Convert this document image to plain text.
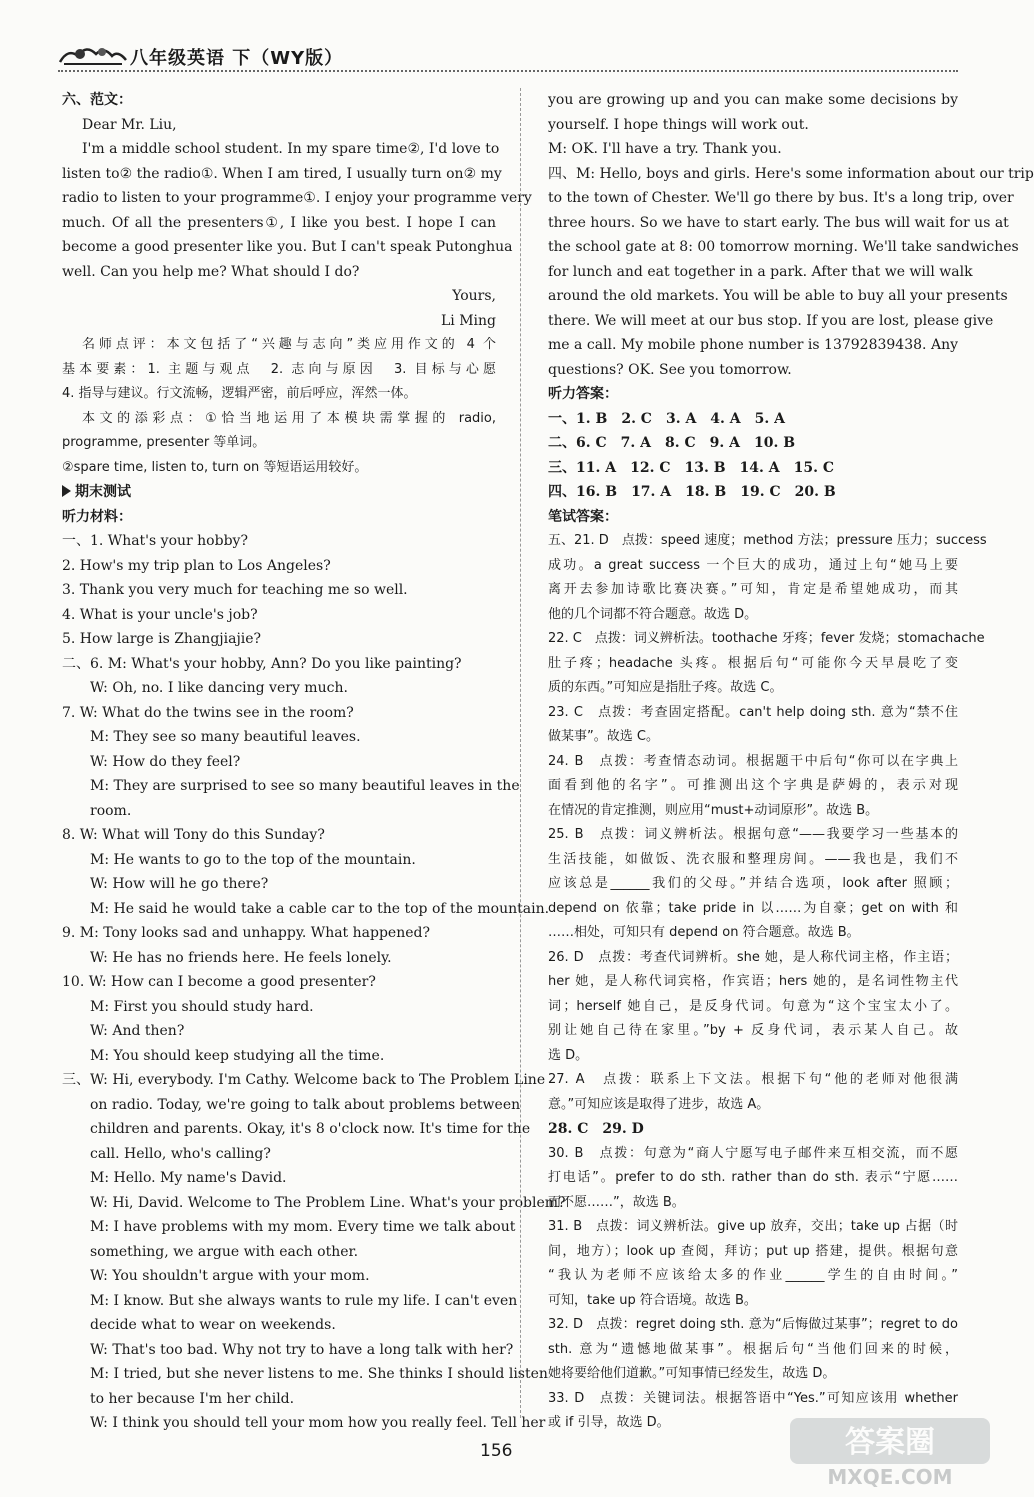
八年级英语 下（WY版）
六、范文：
Dear Mr. Liu,
I'm a middle school student. In my spare time②, I'd love to
listen to② the radio①. When I am tired, I usually turn on② my
radio to listen to your programme①. I enjoy your programme very
much. Of all the presenters①, I like you best. I hope I can
become a good presenter like you. But I can't speak Putonghua
well. Can you help me? What should I do?
Yours,
Li Ming
名师点评：本文包括了“兴趣与志向”类应用作文的 4 个
基本要素：1. 主题与观点　2. 志向与原因　3. 目标与心愿
4. 指导与建议。行文流畅，逻辑严密，前后呼应，浑然一体。
本文的添彩点：①恰当地运用了本模块需掌握的 radio,
programme, presenter 等单词。
②spare time, listen to, turn on 等短语运用较好。
期末测试
听力材料：
一、1. What's your hobby?
2. How's my trip plan to Los Angeles?
3. Thank you very much for teaching me so well.
4. What is your uncle's job?
5. How large is Zhangjiajie?
二、6. M: What's your hobby, Ann? Do you like painting?
W: Oh, no. I like dancing very much.
7. W: What do the twins see in the room?
M: They see so many beautiful leaves.
W: How do they feel?
M: They are surprised to see so many beautiful leaves in the
room.
8. W: What will Tony do this Sunday?
M: He wants to go to the top of the mountain.
W: How will he go there?
M: He said he would take a cable car to the top of the mountain.
9. M: Tony looks sad and unhappy. What happened?
W: He has no friends here. He feels lonely.
10. W: How can I become a good presenter?
M: First you should study hard.
W: And then?
M: You should keep studying all the time.
三、W: Hi, everybody. I'm Cathy. Welcome back to The Problem Line
on radio. Today, we're going to talk about problems between
children and parents. Okay, it's 8 o'clock now. It's time for the
call. Hello, who's calling?
M: Hello. My name's David.
W: Hi, David. Welcome to The Problem Line. What's your problem?
M: I have problems with my mom. Every time we talk about
something, we argue with each other.
W: You shouldn't argue with your mom.
M: I know. But she always wants to rule my life. I can't even
decide what to wear on weekends.
W: That's too bad. Why not try to have a long talk with her?
M: I tried, but she never listens to me. She thinks I should listen
to her because I'm her child.
W: I think you should tell your mom how you really feel. Tell her
you are growing up and you can make some decisions by
yourself. I hope things will work out.
M: OK. I'll have a try. Thank you.
四、M: Hello, boys and girls. Here's some information about our trip
to the town of Chester. We'll go there by bus. It's a long trip, over
three hours. So we have to start early. The bus will wait for us at
the school gate at 8: 00 tomorrow morning. We'll take sandwiches
for lunch and eat together in a park. After that we will walk
around the old markets. You will be able to buy all your presents
there. We will meet at our bus stop. If you are lost, please give
me a call. My mobile phone number is 13792839438. Any
questions? OK. See you tomorrow.
听力答案：
一、1. B　2. C　3. A　4. A　5. A
二、6. C　7. A　8. C　9. A　10. B
三、11. A　12. C　13. B　14. A　15. C
四、16. B　17. A　18. B　19. C　20. B
笔试答案：
五、21. D　点拨：speed 速度；method 方法；pressure 压力；success
成功。a great success 一个巨大的成功，通过上句“她马上要
离开去参加诗歌比赛决赛。”可知，肯定是希望她成功，而其
他的几个词都不符合题意。故选 D。
22. C　点拨：词义辨析法。toothache 牙疼；fever 发烧；stomachache
肚子疼；headache 头疼。根据后句“可能你今天早晨吃了变
质的东西。”可知应是指肚子疼。故选 C。
23. C　点拨：考查固定搭配。can't help doing sth. 意为“禁不住
做某事”。故选 C。
24. B　点拨：考查情态动词。根据题干中后句“你可以在字典上
面看到他的名字”。可推测出这个字典是萨姆的，表示对现
在情况的肯定推测，则应用“must+动词原形”。故选 B。
25. B　点拨：词义辨析法。根据句意“——我要学习一些基本的
生活技能，如做饭、洗衣服和整理房间。——我也是，我们不
应该总是______我们的父母。”并结合选项，look after 照顾；
depend on 依靠；take pride in 以……为自豪；get on with 和
……相处，可知只有 depend on 符合题意。故选 B。
26. D　点拨：考查代词辨析。she 她，是人称代词主格，作主语；
her 她，是人称代词宾格，作宾语；hers 她的，是名词性物主代
词；herself 她自己，是反身代词。句意为“这个宝宝太小了。
别让她自己待在家里。”by + 反身代词，表示某人自己。故
选 D。
27. A　点拨：联系上下文法。根据下句“他的老师对他很满
意。”可知应该是取得了进步，故选 A。
28. C　29. D
30. B　点拨：句意为“商人宁愿写电子邮件来互相交流，而不愿
打电话”。prefer to do sth. rather than do sth. 表示“宁愿……
而不愿……”，故选 B。
31. B　点拨：词义辨析法。give up 放弃，交出；take up 占据（时
间，地方）；look up 查阅，拜访；put up 搭建，提供。根据句意
“我认为老师不应该给太多的作业______学生的自由时间。”
可知，take up 符合语境。故选 B。
32. D　点拨：regret doing sth. 意为“后悔做过某事”；regret to do
sth. 意为“遗憾地做某事”。根据后句“当他们回来的时候，
她将要给他们道歉。”可知事情已经发生，故选 D。
33. D　点拨：关键词法。根据答语中“Yes.”可知应该用 whether
或 if 引导，故选 D。
156	答案圈
MXQE.COM
